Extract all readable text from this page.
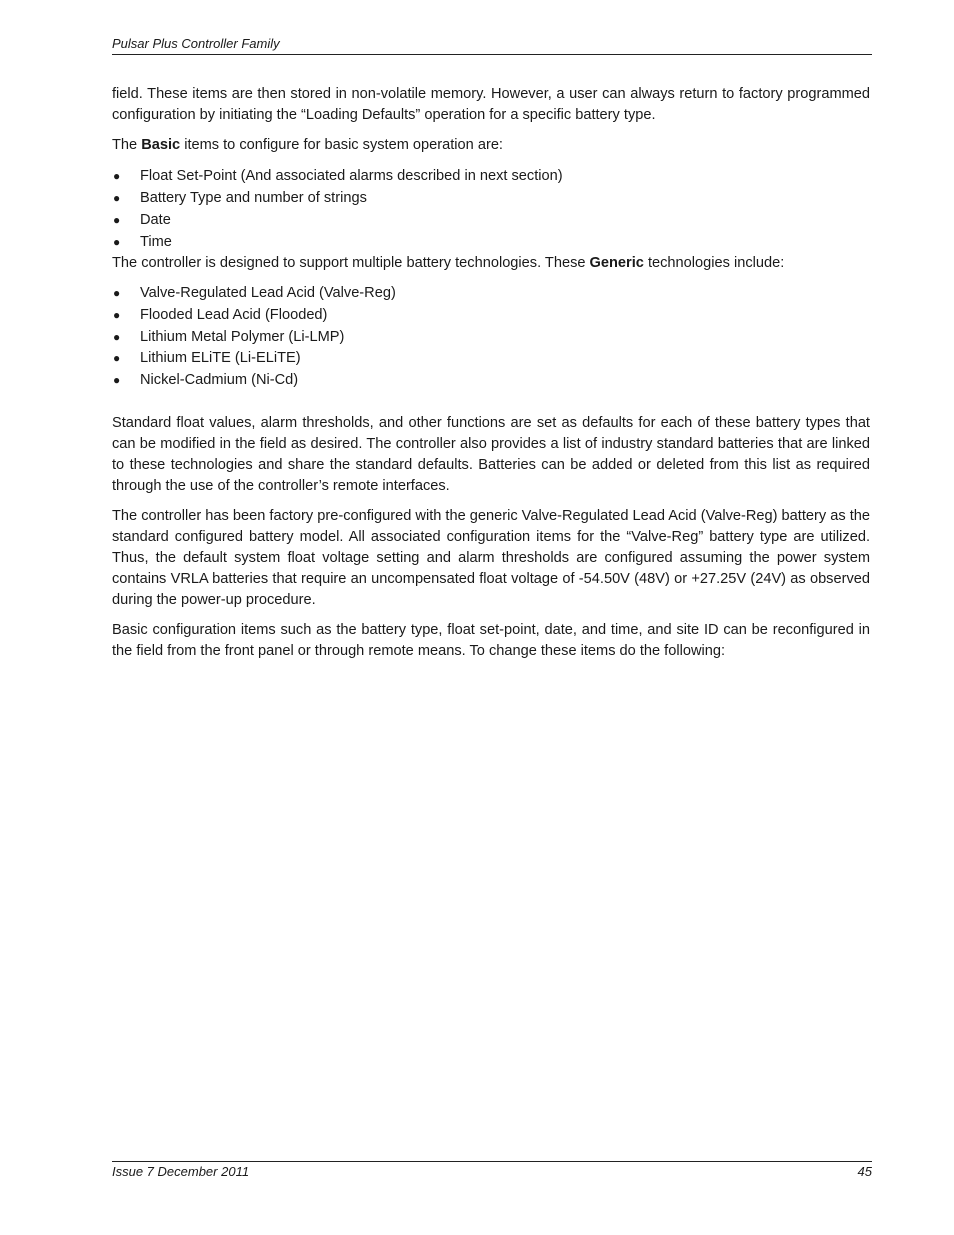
Pulsar Plus Controller Family

field. These items are then stored in non-volatile memory. However, a user can always return to factory programmed configuration by initiating the “Loading Defaults” operation for a specific battery type.

The Basic items to configure for basic system operation are:

● Float Set-Point (And associated alarms described in next section)
● Battery Type and number of strings
● Date
● Time

The controller is designed to support multiple battery technologies. These Generic technologies include:

● Valve-Regulated Lead Acid (Valve-Reg)
● Flooded Lead Acid (Flooded)
● Lithium Metal Polymer (Li-LMP)
● Lithium ELiTE (Li-ELiTE)
● Nickel-Cadmium (Ni-Cd)

Standard float values, alarm thresholds, and other functions are set as defaults for each of these battery types that can be modified in the field as desired. The controller also provides a list of industry standard batteries that are linked to these technologies and share the standard defaults. Batteries can be added or deleted from this list as required through the use of the controller’s remote interfaces.

The controller has been factory pre-configured with the generic Valve-Regulated Lead Acid (Valve-Reg) battery as the standard configured battery model. All associated configuration items for the “Valve-Reg” battery type are utilized. Thus, the default system float voltage setting and alarm thresholds are configured assuming the power system contains VRLA batteries that require an uncompensated float voltage of -54.50V (48V) or +27.25V (24V) as observed during the power-up procedure.

Basic configuration items such as the battery type, float set-point, date, and time, and site ID can be reconfigured in the field from the front panel or through remote means. To change these items do the following:

Issue 7 December 2011	45
